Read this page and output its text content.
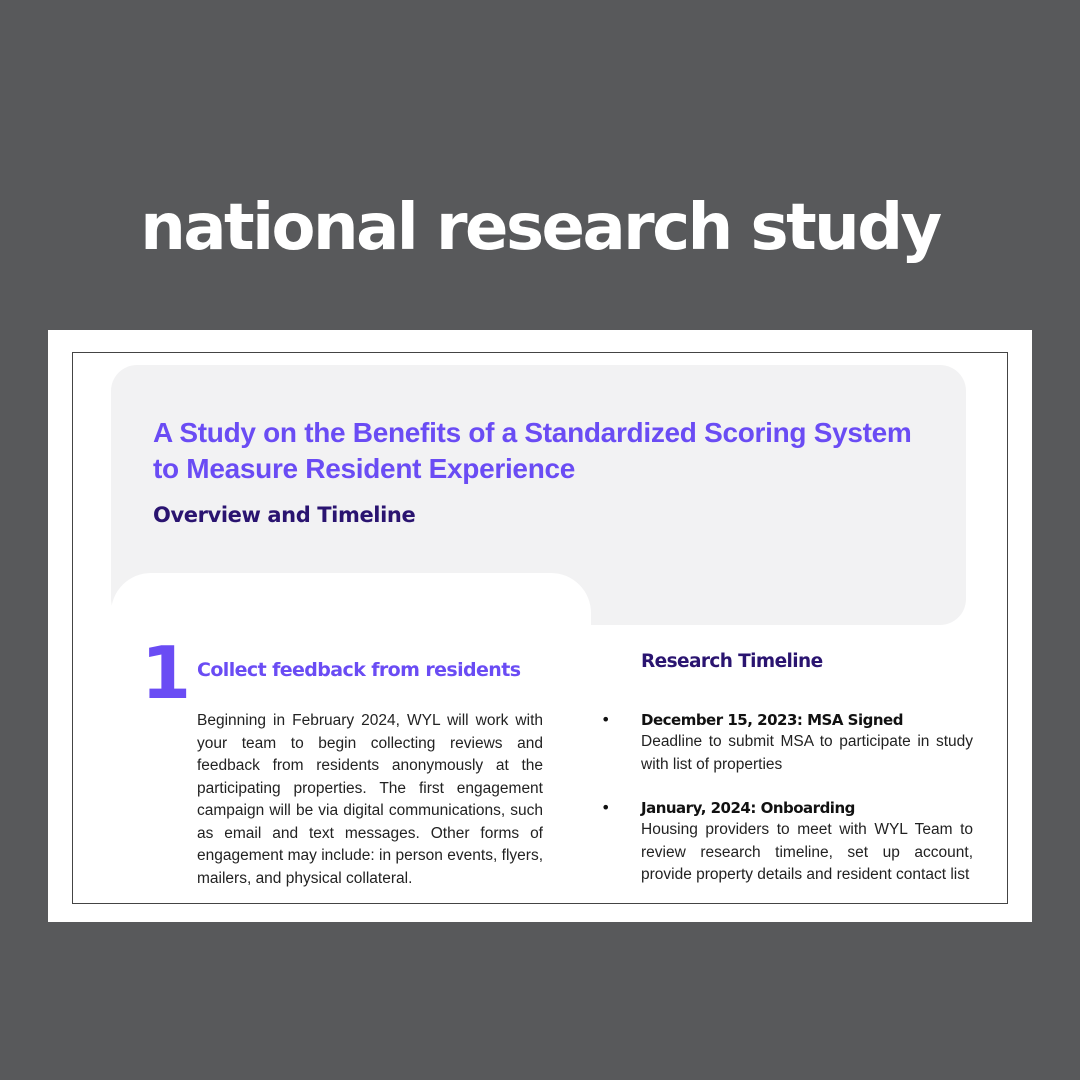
national research study
A Study on the Benefits of a Standardized Scoring System to Measure Resident Experience
Overview and Timeline
1 Collect feedback from residents
Beginning in February 2024, WYL will work with your team to begin collecting reviews and feedback from residents anonymously at the participating properties. The first engagement campaign will be via digital communications, such as email and text messages. Other forms of engagement may include: in person events, flyers, mailers, and physical collateral.
Research Timeline
• December 15, 2023: MSA Signed
Deadline to submit MSA to participate in study with list of properties
• January, 2024: Onboarding
Housing providers to meet with WYL Team to review research timeline, set up account, provide property details and resident contact list
